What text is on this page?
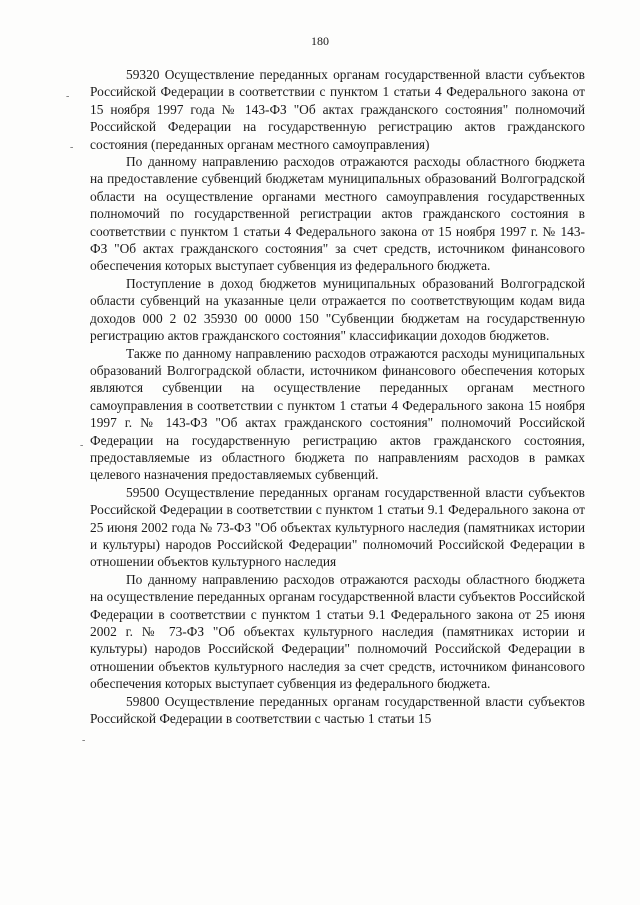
180
-
-
-
-

59320 Осуществление переданных органам государственной власти субъектов Российской Федерации в соответствии с пунктом 1 статьи 4 Федерального закона от 15 ноября 1997 года № 143-ФЗ "Об актах гражданского состояния" полномочий Российской Федерации на государственную регистрацию актов гражданского состояния (переданных органам местного самоуправления)

По данному направлению расходов отражаются расходы областного бюджета на предоставление субвенций бюджетам муниципальных образований Волгоградской области на осуществление органами местного самоуправления государственных полномочий по государственной регистрации актов гражданского состояния в соответствии с пунктом 1 статьи 4 Федерального закона от 15 ноября 1997 г. № 143-ФЗ "Об актах гражданского состояния" за счет средств, источником финансового обеспечения которых выступает субвенция из федерального бюджета.

Поступление в доход бюджетов муниципальных образований Волгоградской области субвенций на указанные цели отражается по соответствующим кодам вида доходов 000 2 02 35930 00 0000 150 "Субвенции бюджетам на государственную регистрацию актов гражданского состояния" классификации доходов бюджетов.

Также по данному направлению расходов отражаются расходы муниципальных образований Волгоградской области, источником финансового обеспечения которых являются субвенции на осуществление переданных органам местного самоуправления в соответствии с пунктом 1 статьи 4 Федерального закона 15 ноября 1997 г. № 143-ФЗ "Об актах гражданского состояния" полномочий Российской Федерации на государственную регистрацию актов гражданского состояния, предоставляемые из областного бюджета по направлениям расходов в рамках целевого назначения предоставляемых субвенций.

59500 Осуществление переданных органам государственной власти субъектов Российской Федерации в соответствии с пунктом 1 статьи 9.1 Федерального закона от 25 июня 2002 года № 73-ФЗ "Об объектах культурного наследия (памятниках истории и культуры) народов Российской Федерации" полномочий Российской Федерации в отношении объектов культурного наследия

По данному направлению расходов отражаются расходы областного бюджета на осуществление переданных органам государственной власти субъектов Российской Федерации в соответствии с пунктом 1 статьи 9.1 Федерального закона от 25 июня 2002 г. № 73-ФЗ "Об объектах культурного наследия (памятниках истории и культуры) народов Российской Федерации" полномочий Российской Федерации в отношении объектов культурного наследия за счет средств, источником финансового обеспечения которых выступает субвенция из федерального бюджета.

59800 Осуществление переданных органам государственной власти субъектов Российской Федерации в соответствии с частью 1 статьи 15
